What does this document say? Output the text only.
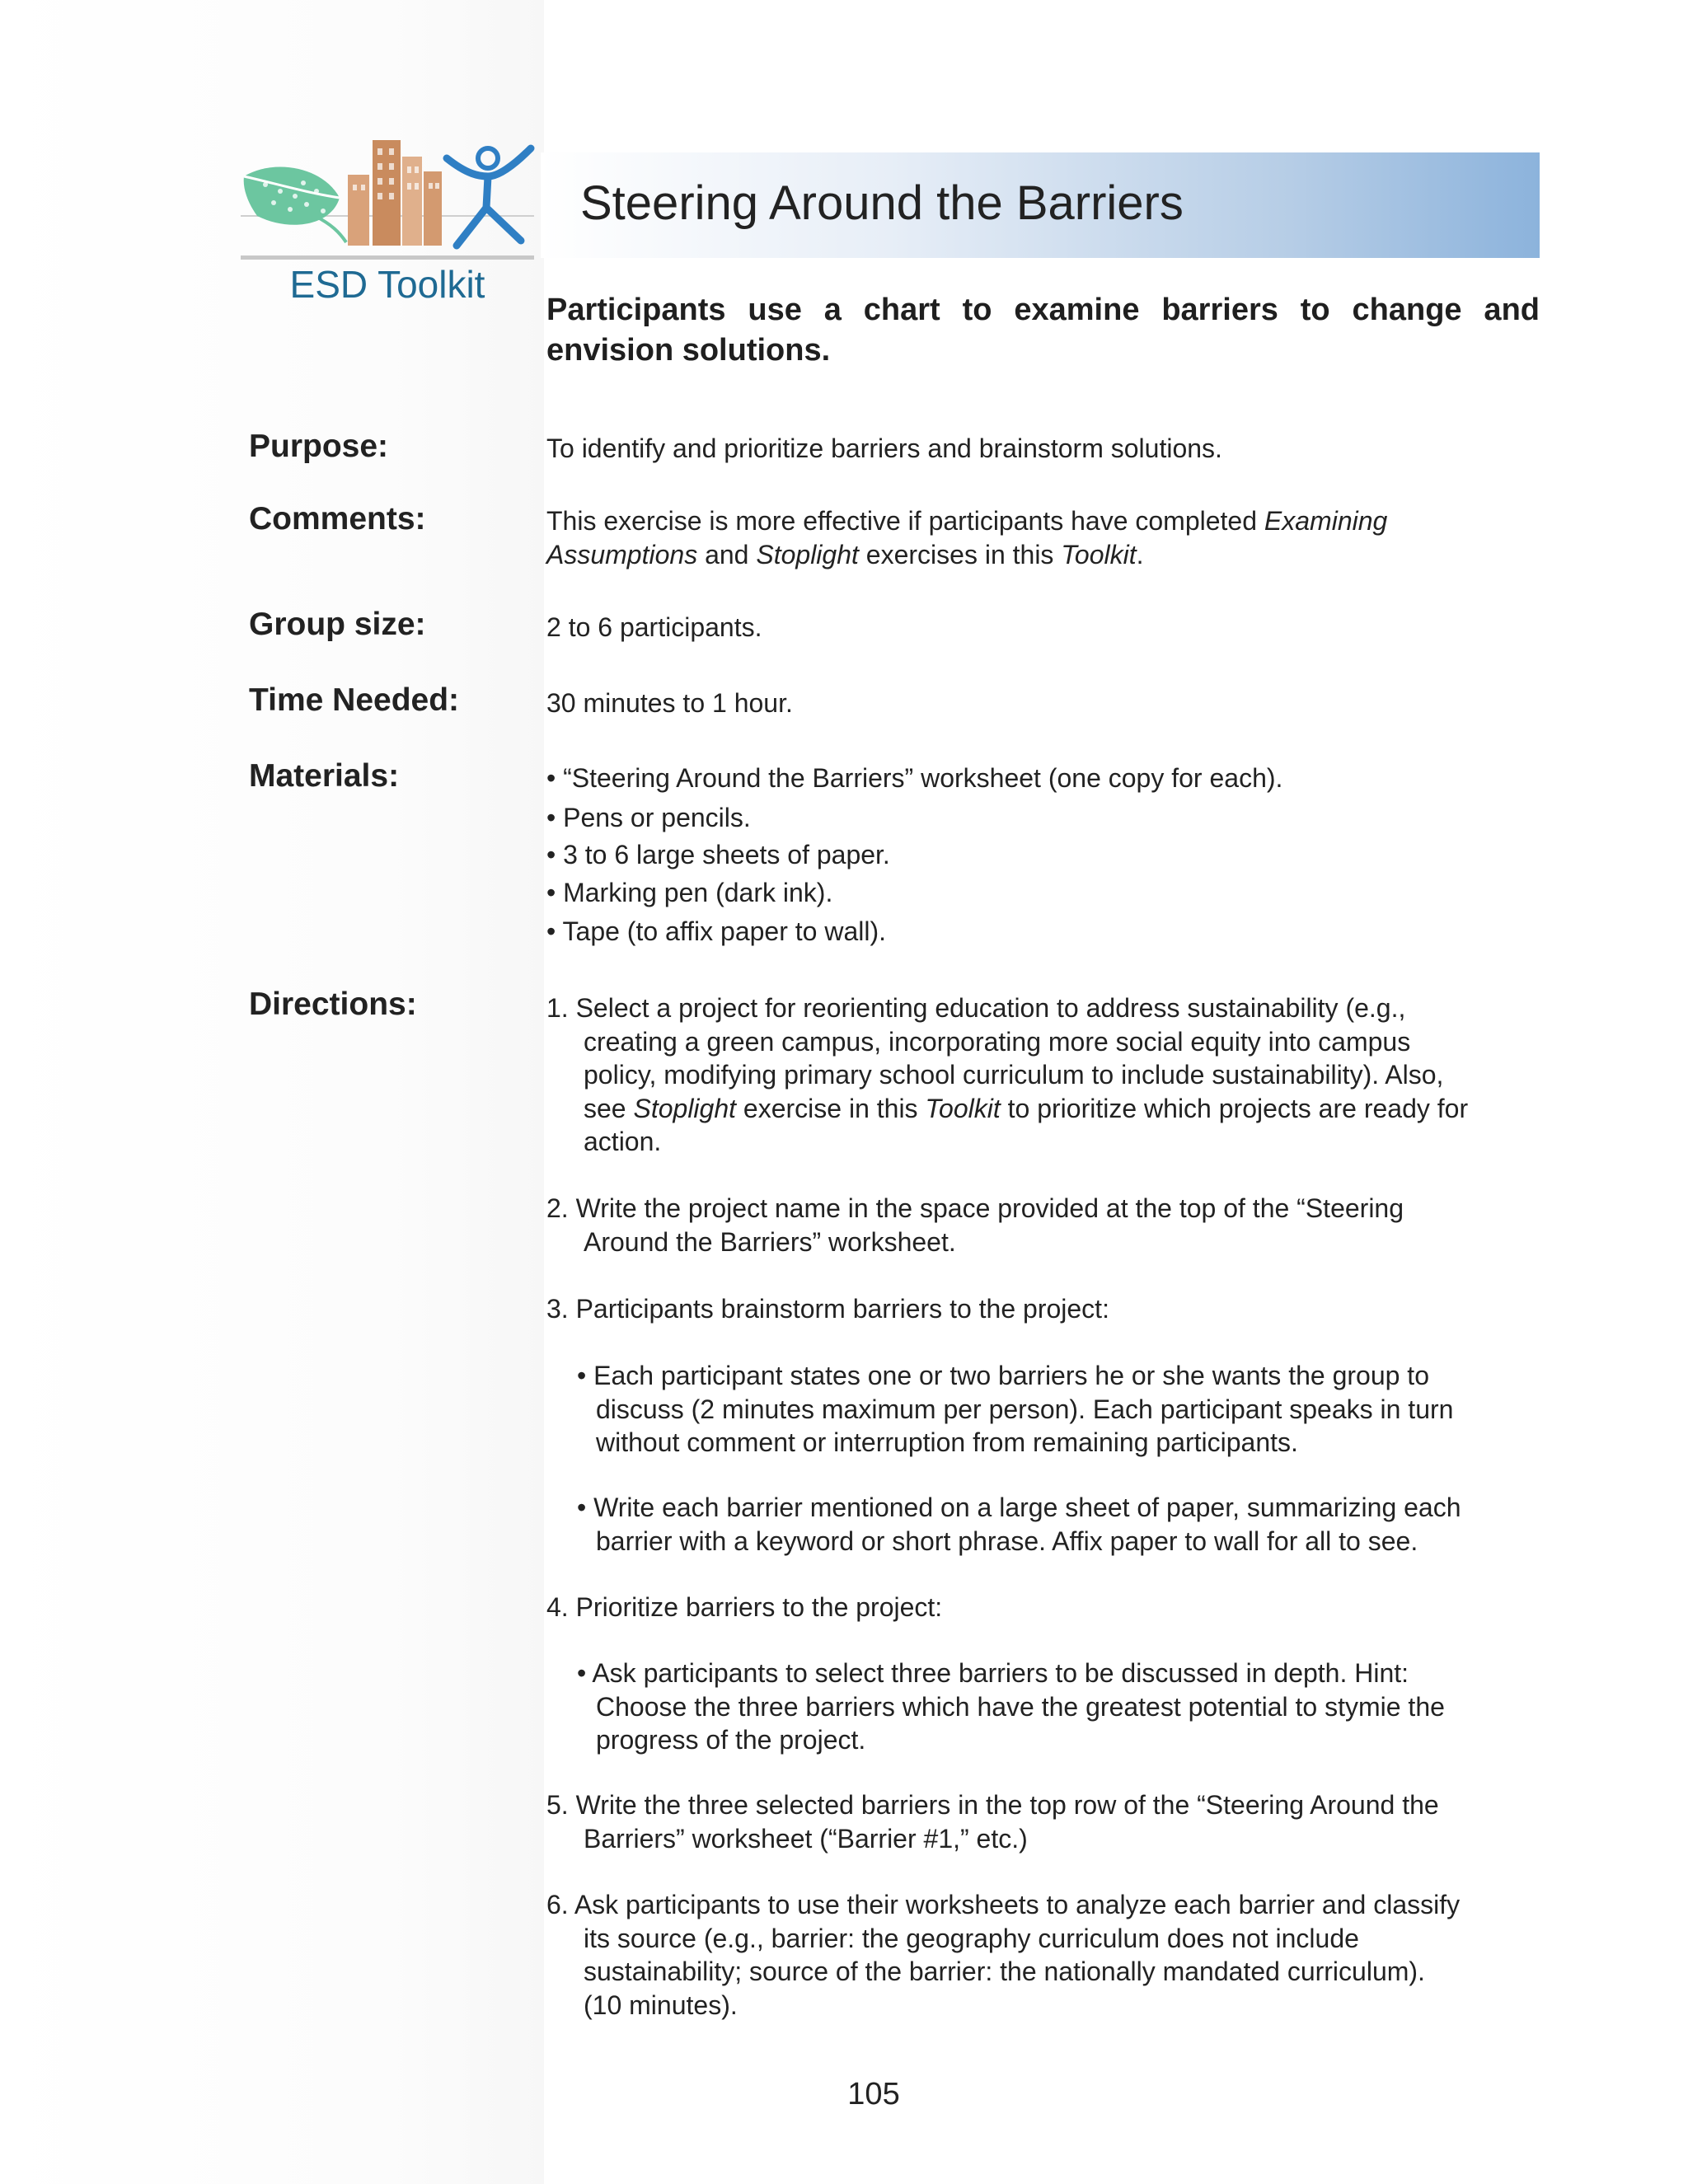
ESD Toolkit
Steering Around the Barriers
Participants use a chart to examine barriers to change and envision solutions.
Purpose:	To identify and prioritize barriers and brainstorm solutions.
Comments:	This exercise is more effective if participants have completed Examining Assumptions and Stoplight exercises in this Toolkit.
Group size:	2 to 6 participants.
Time Needed:	30 minutes to 1 hour.
Materials:	• “Steering Around the Barriers” worksheet (one copy for each).
• Pens or pencils.
• 3 to 6 large sheets of paper.
• Marking pen (dark ink).
• Tape (to affix paper to wall).
Directions:	1. Select a project for reorienting education to address sustainability (e.g.,
creating a green campus, incorporating more social equity into campus
policy, modifying primary school curriculum to include sustainability). Also,
see Stoplight exercise in this Toolkit to prioritize which projects are ready for
action.
2. Write the project name in the space provided at the top of the “Steering
Around the Barriers” worksheet.
3. Participants brainstorm barriers to the project:
• Each participant states one or two barriers he or she wants the group to
discuss (2 minutes maximum per person). Each participant speaks in turn
without comment or interruption from remaining participants.
• Write each barrier mentioned on a large sheet of paper, summarizing each
barrier with a keyword or short phrase. Affix paper to wall for all to see.
4. Prioritize barriers to the project:
• Ask participants to select three barriers to be discussed in depth. Hint:
Choose the three barriers which have the greatest potential to stymie the
progress of the project.
5. Write the three selected barriers in the top row of the “Steering Around the
Barriers” worksheet (“Barrier #1,” etc.)
6. Ask participants to use their worksheets to analyze each barrier and classify
its source (e.g., barrier: the geography curriculum does not include
sustainability; source of the barrier: the nationally mandated curriculum).
(10 minutes).
105
